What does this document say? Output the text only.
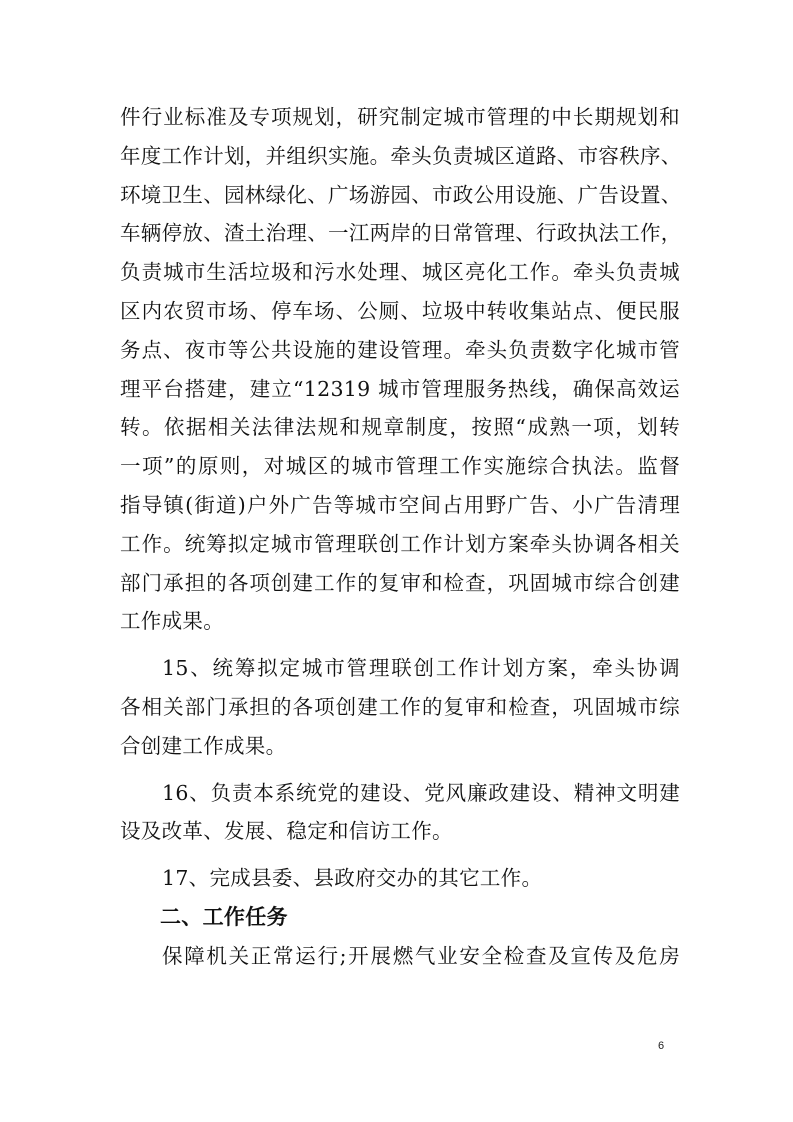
件行业标准及专项规划，研究制定城市管理的中长期规划和
年度工作计划，并组织实施。牵头负责城区道路、市容秩序、
环境卫生、园林绿化、广场游园、市政公用设施、广告设置、
车辆停放、渣土治理、一江两岸的日常管理、行政执法工作，
负责城市生活垃圾和污水处理、城区亮化工作。牵头负责城
区内农贸市场、停车场、公厕、垃圾中转收集站点、便民服
务点、夜市等公共设施的建设管理。牵头负责数字化城市管
理平台搭建，建立“12319 城市管理服务热线，确保高效运
转。依据相关法律法规和规章制度，按照“成熟一项，划转
一项”的原则，对城区的城市管理工作实施综合执法。监督
指导镇(街道)户外广告等城市空间占用野广告、小广告清理
工作。统筹拟定城市管理联创工作计划方案牵头协调各相关
部门承担的各项创建工作的复审和检查，巩固城市综合创建
工作成果。
15、统筹拟定城市管理联创工作计划方案，牵头协调
各相关部门承担的各项创建工作的复审和检查，巩固城市综
合创建工作成果。
16、负责本系统党的建设、党风廉政建设、精神文明建
设及改革、发展、稳定和信访工作。
17、完成县委、县政府交办的其它工作。
二、工作任务
保障机关正常运行;开展燃气业安全检查及宣传及危房
6
